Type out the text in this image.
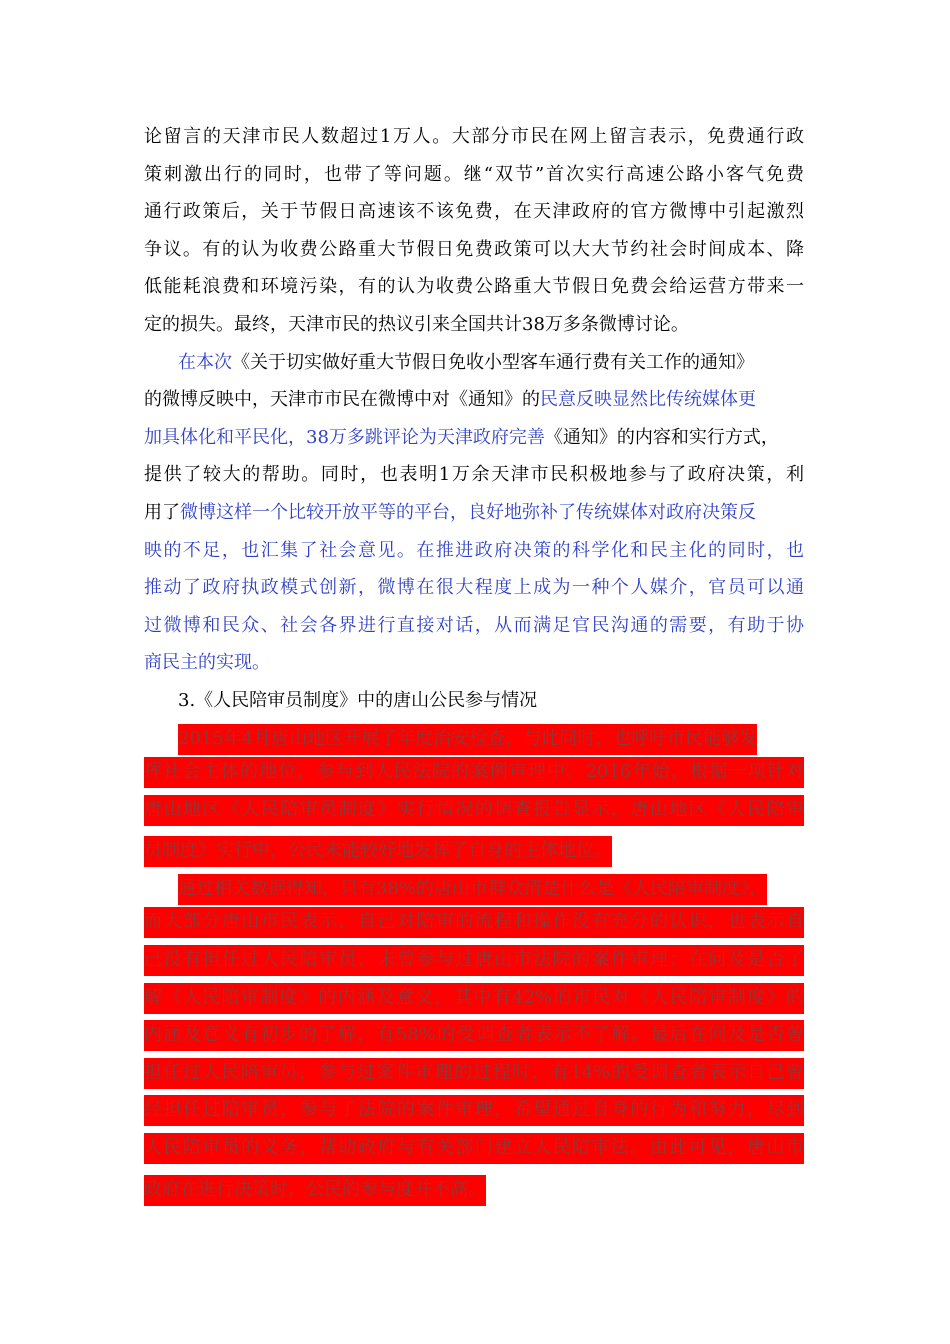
论留言的天津市民人数超过1万人。大部分市民在网上留言表示，免费通行政
策刺激出行的同时，也带了等问题。继“双节”首次实行高速公路小客气免费
通行政策后，关于节假日高速该不该免费，在天津政府的官方微博中引起激烈
争议。有的认为收费公路重大节假日免费政策可以大大节约社会时间成本、降
低能耗浪费和环境污染，有的认为收费公路重大节假日免费会给运营方带来一
定的损失。最终，天津市民的热议引来全国共计38万多条微博讨论。
在本次《关于切实做好重大节假日免收小型客车通行费有关工作的通知》
的微博反映中，天津市市民在微博中对《通知》的民意反映显然比传统媒体更
加具体化和平民化，38万多跳评论为天津政府完善《通知》的内容和实行方式，
提供了较大的帮助。同时，也表明1万余天津市民积极地参与了政府决策，利
用了微博这样一个比较开放平等的平台，良好地弥补了传统媒体对政府决策反
映的不足，也汇集了社会意见。在推进政府决策的科学化和民主化的同时，也
推动了政府执政模式创新，微博在很大程度上成为一种个人媒介，官员可以通
过微博和民众、社会各界进行直接对话，从而满足官民沟通的需要，有助于协
商民主的实现。
3.《人民陪审员制度》中的唐山公民参与情况
2015年4月唐山地区开展了年度治安检查，与此同时，也呼吁市民能够发
挥社会主体的地位，参与到人民法院的案例审理中。2016年始，根据一项针对
唐山地区《人民陪审员制度》实行情况的调查报告显示，唐山地区《人民陪审
员制度》实行中，公民未能较好地发挥了自身的主体地位。
通过相关数据得知，只有38%的唐山市群众清楚什么是《人民陪审制度》，
而大部分唐山市民表示，自己对陪审的流程和操作没有充分的认识，也表示自
己没有担任过人民陪审员，未曾参与过唐山市法院的案件审理；在问及是否了
解《人民陪审制度》的内涵及意义，其中有42%的市民对《人民陪审制度》的
内涵及意义有初步的了解，有58%的受调查者表示不了解。最后在问及是否曾
担任过人民陪审员，参与过案件审理的过程时，有14%的受调查者表示自己曾
经担任过陪审员，参与了法院的案件审理，希望通过自身的行为和努力，尽到
人民陪审员的义务，帮助政府与有关部门建立人民陪审法。由此可见，唐山市
政府在进行决策时，公民的参与度并不高。
